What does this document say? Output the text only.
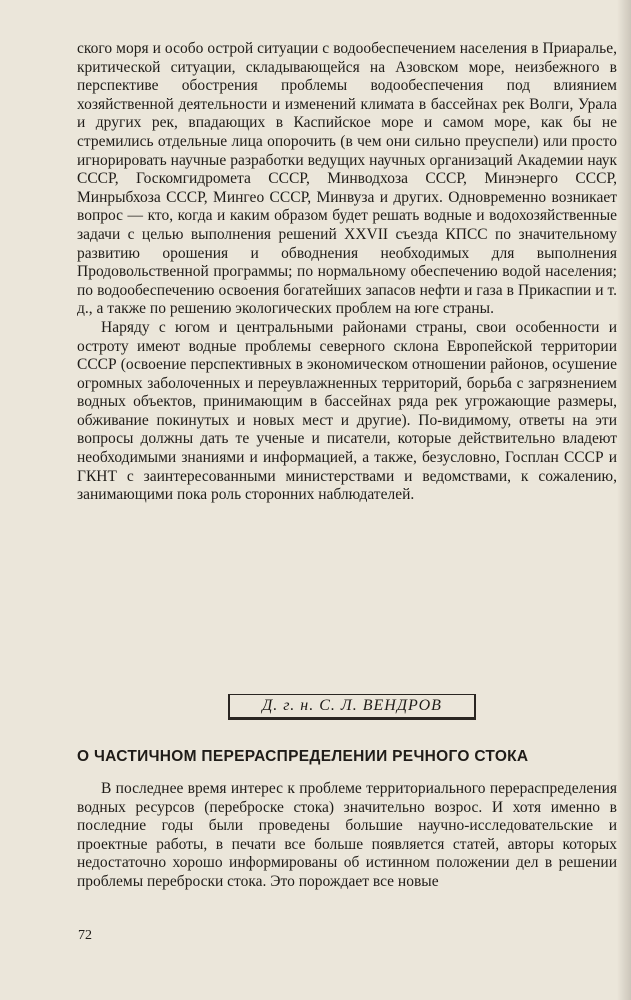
ского моря и особо острой ситуации с водообеспечением населения в Приаралье, критической ситуации, складывающейся на Азовском море, неизбежного в перспективе обострения проблемы водообеспечения под влиянием хозяйственной деятельности и изменений климата в бассейнах рек Волги, Урала и других рек, впадающих в Каспийское море и самом море, как бы не стремились отдельные лица опорочить (в чем они сильно преуспели) или просто игнорировать научные разработки ведущих научных организаций Академии наук СССР, Госкомгидромета СССР, Минводхоза СССР, Минэнерго СССР, Минрыбхоза СССР, Мингео СССР, Минвуза и других. Одновременно возникает вопрос — кто, когда и каким образом будет решать водные и водохозяйственные задачи с целью выполнения решений XXVII съезда КПСС по значительному развитию орошения и обводнения необходимых для выполнения Продовольственной программы; по нормальному обеспечению водой населения; по водообеспечению освоения богатейших запасов нефти и газа в Прикаспии и т. д., а также по решению экологических проблем на юге страны.

Наряду с югом и центральными районами страны, свои особенности и остроту имеют водные проблемы северного склона Европейской территории СССР (освоение перспективных в экономическом отношении районов, осушение огромных заболоченных и переувлажненных территорий, борьба с загрязнением водных объектов, принимающим в бассейнах ряда рек угрожающие размеры, обживание покинутых и новых мест и другие). По-видимому, ответы на эти вопросы должны дать те ученые и писатели, которые действительно владеют необходимыми знаниями и информацией, а также, безусловно, Госплан СССР и ГКНТ с заинтересованными министерствами и ведомствами, к сожалению, занимающими пока роль сторонних наблюдателей.

Д. г. н. С. Л. ВЕНДРОВ
О ЧАСТИЧНОМ ПЕРЕРАСПРЕДЕЛЕНИИ РЕЧНОГО СТОКА

В последнее время интерес к проблеме территориального перераспределения водных ресурсов (переброске стока) значительно возрос. И хотя именно в последние годы были проведены большие научно-исследовательские и проектные работы, в печати все больше появляется статей, авторы которых недостаточно хорошо информированы об истинном положении дел в решении проблемы переброски стока. Это порождает все новые

72
